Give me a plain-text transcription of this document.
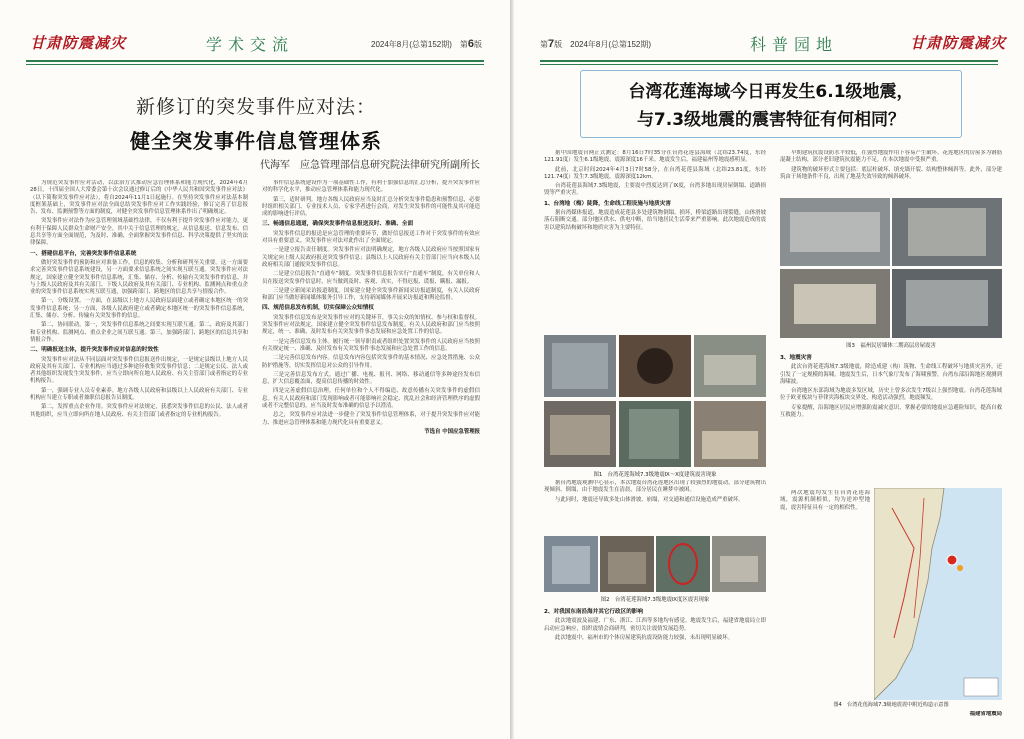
甘肃防震减灾	学术交流	2024年8月(总第152期)　 第6版
新修订的突发事件应对法：
健全突发事件信息管理体系
代海军　应急管理部信息研究院法律研究所副所长

为规范突发事件应对活动，以法治方式推动应急管理体系和能力现代化，2024年6月28日，十四届全国人大常委会第十次会议通过修订后的《中华人民共和国突发事件应对法》（以下简称突发事件应对法），将自2024年11月1日起施行。在坚持突发事件应对法基本制度框架基础上，突发事件应对法全面总结突发事件应对工作实践经验，修订完善了信息报告、发布、监测预警等方面的制度，对健全突发事件信息管理体系作出了明确规定。

突发事件应对法作为应急管理领域基础性法律，不仅有利于提升突发事件应对能力，更有利于保障人民群众生命财产安全。其中关于信息管理的规定，从信息报送、信息发布、信息共享等方面全面规范，为及时、准确、全面掌握突发事件信息、科学决策提供了坚实的法律保障。

一、搭建信息平台，完善突发事件信息系统

做好突发事件的预防和应对准备工作，信息的收集、分析和研判至关重要。这一方面要求完善突发事件信息系统建设，另一方面要求信息系统之间实现互联互通。突发事件应对法规定，国家建立健全突发事件信息系统，汇集、储存、分析、传输有关突发事件的信息，并与上级人民政府及其有关部门、下级人民政府及其有关部门、专业机构、监测网点和重点企业的突发事件信息系统实现互联互通，加强跨部门、跨地区的信息共享与情报合作。

第一，分级设置。一方面，在县级以上地方人民政府层面建立或者确定本地区统一的突发事件信息系统；另一方面，各级人民政府建立或者确定本地区统一的突发事件信息系统，汇集、储存、分析、传输有关突发事件的信息。

第二，协同联动。第一，突发事件信息系统之间要实现互联互通。第二，政府及其部门和专业机构、监测网点、重点企业之间互联互通。第三，加强跨部门、跨地区的信息共享和情报合作。

二、明确报送主体，提升突发事件应对信息的时效性

突发事件应对法从不同层面对突发事件信息报送作出规定，一是规定县级以上地方人民政府及其有关部门、专业机构应当通过多种途径收集突发事件信息；二是规定公民、法人或者其他组织发现发生突发事件，应当立即向所在地人民政府、有关主管部门或者指定的专业机构报告。

第一，强调专业人员专业素养。地方各级人民政府和县级以上人民政府有关部门、专业机构应当建立专职或者兼职信息报告员制度。

第二，发挥重点企业作用。突发事件应对法规定，获悉突发事件信息的公民、法人或者其他组织，应当立即向所在地人民政府、有关主管部门或者指定的专业机构报告。

事件信息系统建设作为一项基础性工作，有利于加强信息的汇总分析，提升突发事件应对的科学化水平，推动应急管理体系和能力现代化。

第三，适时研判。地方各级人民政府应当及时汇总分析突发事件隐患和预警信息，必要时组织相关部门、专业技术人员、专家学者进行会商，对发生突发事件的可能性及其可能造成的影响进行评估。

三、畅通信息通道，确保突发事件信息报送及时、准确、全面

突发事件信息的报送是应急管理的重要环节，做好信息报送工作对于突发事件的有效应对具有重要意义。突发事件应对法对此作出了全面规定。

一是建立报告责任制度。突发事件应对法明确规定，地方各级人民政府应当按照国家有关规定向上级人民政府报送突发事件信息；县级以上人民政府有关主管部门应当向本级人民政府相关部门通报突发事件信息。

二是建立信息报告“直通车”制度。突发事件信息报告实行“直通车”制度，有关单位和人员在报送突发事件信息时，应当做到及时、客观、真实，不得迟报、谎报、瞒报、漏报。

三是建立新闻采访报道制度。国家建立健全突发事件新闻采访报道制度，有关人民政府和部门应当做好新闻媒体服务引导工作，支持新闻媒体开展采访报道和舆论监督。

四、规范信息发布机制，切实保障公众知情权

突发事件信息发布是突发事件应对的关键环节，事关公众的知情权、参与权和监督权。突发事件应对法规定，国家建立健全突发事件信息发布制度。有关人民政府和部门应当按照规定，统一、准确、及时发布有关突发事件事态发展和应急处置工作的信息。

一是完善信息发布主体。履行统一领导职责或者组织处置突发事件的人民政府应当按照有关规定统一、准确、及时发布有关突发事件事态发展和应急处置工作的信息。

二是完善信息发布内容。信息发布内容包括突发事件的基本情况、应急处置措施、公众防护措施等，切实发挥信息对公众的引导作用。

三是完善信息发布方式。通过广播、电视、报刊、网络、移动通信等多种途径发布信息，扩大信息覆盖面，提高信息传播的时效性。

四是完善虚假信息治理。任何单位和个人不得编造、故意传播有关突发事件的虚假信息。有关人民政府和部门发现影响或者可能影响社会稳定、扰乱社会和经济管理秩序的虚假或者不完整信息的，应当及时发布准确的信息予以澄清。

总之，突发事件应对法进一步健全了突发事件信息管理体系，对于提升突发事件应对能力、推进应急管理体系和能力现代化具有重要意义。

节选自 中国应急管理报
第7版　 2024年8月(总第152期)	科普园地	甘肃防震减灾
台湾花莲海域今日再发生6.1级地震，
与7.3级地震的震害特征有何相同？

据中国地震台网正式测定：8月16日7时35分在台湾花莲县海域（北纬23.74度，东经121.91度）发生6.1级地震，震源深度16千米。地震发生后，福建福州等地震感明显。

此前，北京时间2024年4月3日7时58分，在台湾花莲县海域（北纬23.81度，东经121.74度）发生7.3级地震，震源深度12km。

台湾花莲县海域7.3级地震，主要震中烈度达到了Ⅸ度，台湾多地出现房屋倒塌、道路损毁等严重灾害。

1、台湾地（梅）陡降，生命线工程设施与地质灾害

据台湾媒体报道，地震造成花莲县多处建筑物倒塌、损坏，桥梁道路出现裂缝，山体滑坡落石阻断交通。部分地区供水、供电中断，给当地居民生活带来严重影响。此次地震造成的震害以建筑结构破坏和地质灾害为主要特征。

图1　台湾花莲海域7.3级地震Ⅸ～Ⅹ度建筑震害现象

据台湾地震观测中心显示，本次地震台湾花莲地区出现了较强烈的地震动，部分建筑物出现倾斜、倒塌，由于地震发生在清晨，部分居民在睡梦中被困。

与此同时，地震还导致多处山体滑坡、崩塌，对交通和通信设施造成严重破坏。

图2　台湾花莲海域7.3级地震Ⅸ度区震害现象
2、对我国东南沿海并其它行政区的影响

此次地震波及福建、广东、浙江、江西等多地均有感觉。地震发生后，福建省地震局立即启动应急响应，组织震情会商研判，密切关注震情发展趋势。

此次地震中，福州市的个体房屋建筑抗震设防能力较强，未出现明显破坏。

早期建筑抗震设防水平较低，在强烈地震作用下容易产生破坏。花莲地区的房屋多为钢筋混凝土结构，部分老旧建筑抗震能力不足，在本次地震中受损严重。

建筑物的破坏形式主要包括：底层柱破坏、填充墙开裂、结构整体倾斜等。此外，部分建筑由于场地条件不良，出现了地基失效导致的倾斜破坏。

图3　福州民居墙体二期高层房屋震害
3、地震灾害

此次台湾花莲海域7.3级地震，除造成建（构）筑物、生命线工程破坏与地质灾害外，还引发了一定规模的海啸。地震发生后，日本气象厅发布了海啸预警，台湾东部沿海地区观测到海啸波。

台湾地区东部海域为地震多发区域，历史上曾多次发生7级以上强烈地震。台湾花莲海域位于欧亚板块与菲律宾海板块交界处，构造活动强烈，地震频发。

专家提醒，沿海地区居民应增强防震减灾意识，掌握必要的地震应急避险知识，提高自救互救能力。

图4　台湾花莲海域7.3级地震震中附近构造示意图

两次地震均发生在台湾花莲海域，震源机制相似，均为逆冲型地震，震害特征具有一定的相似性。

福建省地震局
